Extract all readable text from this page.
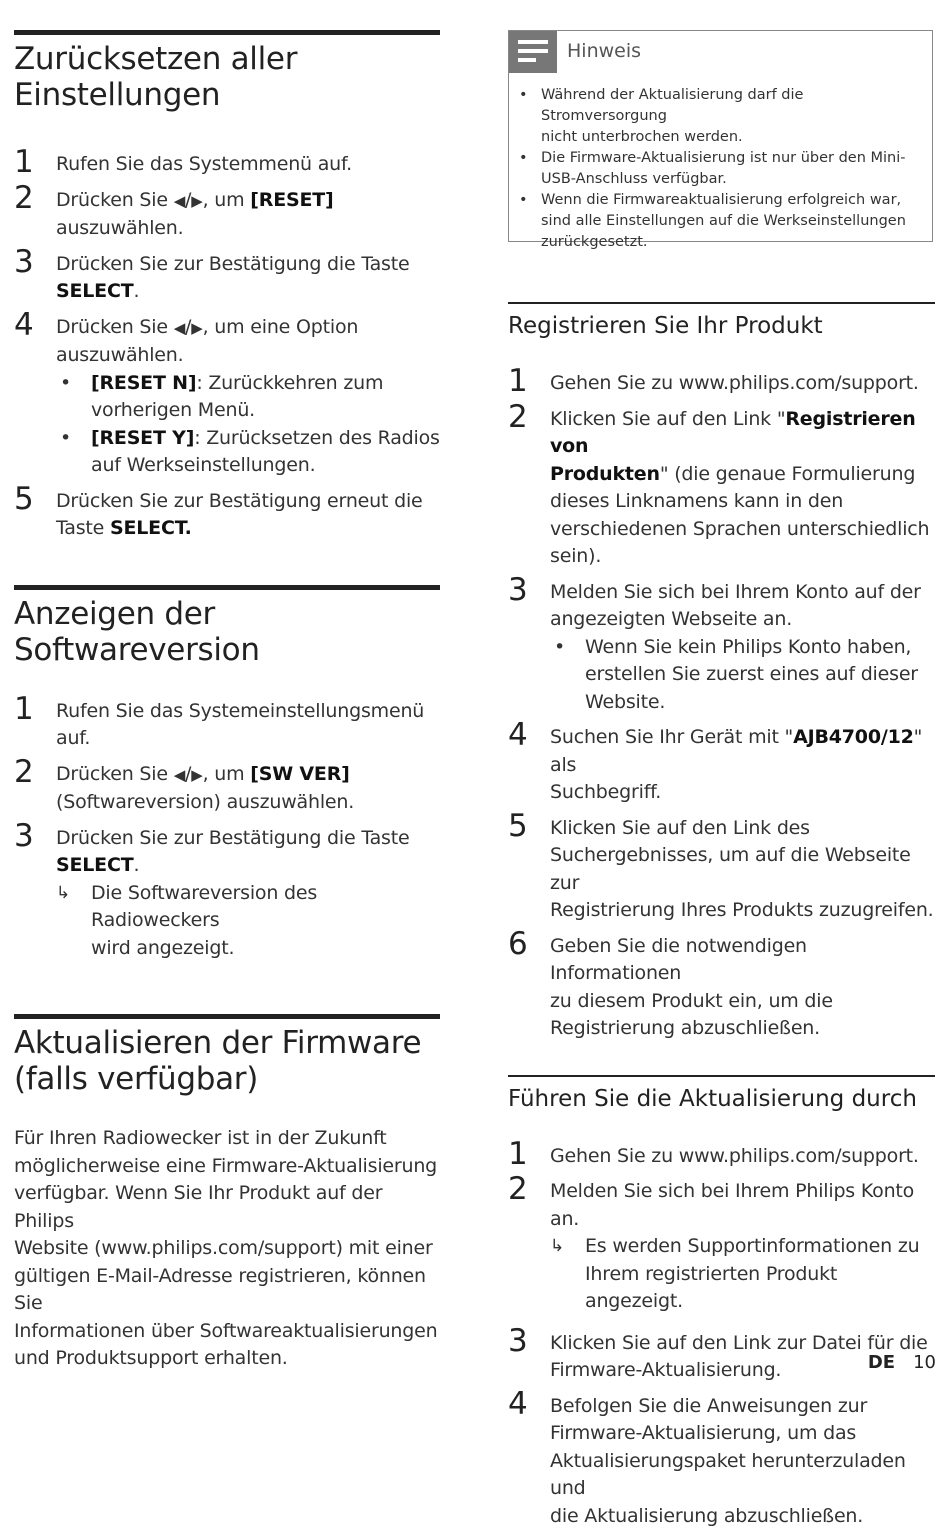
Zurücksetzen aller
Einstellungen
1 Rufen Sie das Systemmenü auf.
2 Drücken Sie ◀/▶, um [RESET]
auszuwählen.
3 Drücken Sie zur Bestätigung die Taste
SELECT.
4 Drücken Sie ◀/▶, um eine Option
auszuwählen.
• [RESET N]: Zurückkehren zum
vorherigen Menü.
• [RESET Y]: Zurücksetzen des Radios
auf Werkseinstellungen.
5 Drücken Sie zur Bestätigung erneut die
Taste SELECT.
Anzeigen der Softwareversion
1 Rufen Sie das Systemeinstellungsmenü auf.
2 Drücken Sie ◀/▶, um [SW VER]
(Softwareversion) auszuwählen.
3 Drücken Sie zur Bestätigung die Taste
SELECT.
↳ Die Softwareversion des Radioweckers
wird angezeigt.
Aktualisieren der Firmware
(falls verfügbar)
Für Ihren Radiowecker ist in der Zukunft
möglicherweise eine Firmware-Aktualisierung
verfügbar. Wenn Sie Ihr Produkt auf der Philips
Website (www.philips.com/support) mit einer
gültigen E-Mail-Adresse registrieren, können Sie
Informationen über Softwareaktualisierungen
und Produktsupport erhalten.
Hinweis
• Während der Aktualisierung darf die Stromversorgung
nicht unterbrochen werden.
• Die Firmware-Aktualisierung ist nur über den Mini-
USB-Anschluss verfügbar.
• Wenn die Firmwareaktualisierung erfolgreich war,
sind alle Einstellungen auf die Werkseinstellungen
zurückgesetzt.
Registrieren Sie Ihr Produkt
1 Gehen Sie zu www.philips.com/support.
2 Klicken Sie auf den Link "Registrieren von
Produkten" (die genaue Formulierung
dieses Linknamens kann in den
verschiedenen Sprachen unterschiedlich
sein).
3 Melden Sie sich bei Ihrem Konto auf der
angezeigten Webseite an.
• Wenn Sie kein Philips Konto haben,
erstellen Sie zuerst eines auf dieser
Website.
4 Suchen Sie Ihr Gerät mit "AJB4700/12" als
Suchbegriff.
5 Klicken Sie auf den Link des
Suchergebnisses, um auf die Webseite zur
Registrierung Ihres Produkts zuzugreifen.
6 Geben Sie die notwendigen Informationen
zu diesem Produkt ein, um die
Registrierung abzuschließen.
Führen Sie die Aktualisierung durch
1 Gehen Sie zu www.philips.com/support.
2 Melden Sie sich bei Ihrem Philips Konto an.
↳ Es werden Supportinformationen zu
Ihrem registrierten Produkt angezeigt.
3 Klicken Sie auf den Link zur Datei für die
Firmware-Aktualisierung.
4 Befolgen Sie die Anweisungen zur
Firmware-Aktualisierung, um das
Aktualisierungspaket herunterzuladen und
die Aktualisierung abzuschließen.
DE 10
